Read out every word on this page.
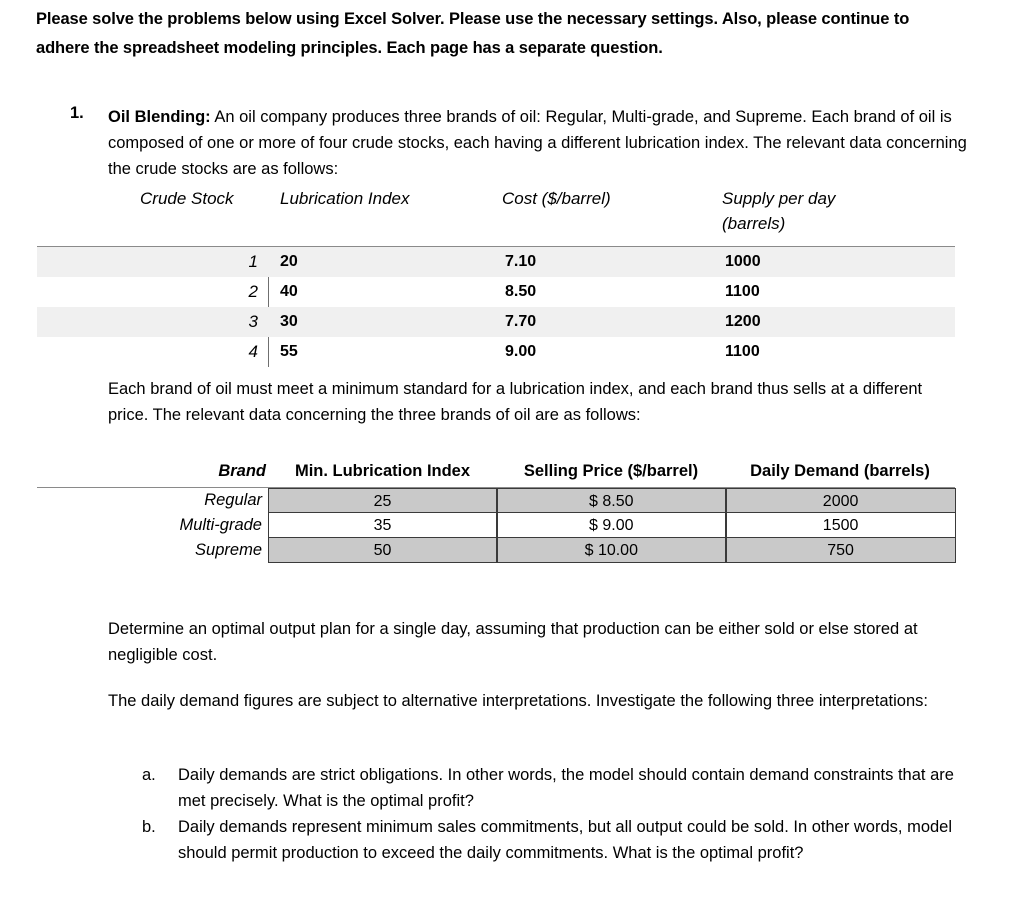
Please solve the problems below using Excel Solver. Please use the necessary settings. Also, please continue to adhere the spreadsheet modeling principles. Each page has a separate question.
1. Oil Blending: An oil company produces three brands of oil: Regular, Multi-grade, and Supreme. Each brand of oil is composed of one or more of four crude stocks, each having a different lubrication index. The relevant data concerning the crude stocks are as follows:
Crude Stock	Lubrication Index	Cost ($/barrel)	Supply per day
(barrels)
1	20	7.10	1000
2	40	8.50	1100
3	30	7.70	1200
4	55	9.00	1100
Each brand of oil must meet a minimum standard for a lubrication index, and each brand thus sells at a different price. The relevant data concerning the three brands of oil are as follows:
Brand	Min. Lubrication Index	Selling Price ($/barrel)	Daily Demand (barrels)
Regular	25	$ 8.50	2000
Multi-grade	35	$ 9.00	1500
Supreme	50	$ 10.00	750
Determine an optimal output plan for a single day, assuming that production can be either sold or else stored at negligible cost.
The daily demand figures are subject to alternative interpretations. Investigate the following three interpretations:
a.	Daily demands are strict obligations. In other words, the model should contain demand constraints that are met precisely. What is the optimal profit?
b.	Daily demands represent minimum sales commitments, but all output could be sold. In other words, model should permit production to exceed the daily commitments. What is the optimal profit?
